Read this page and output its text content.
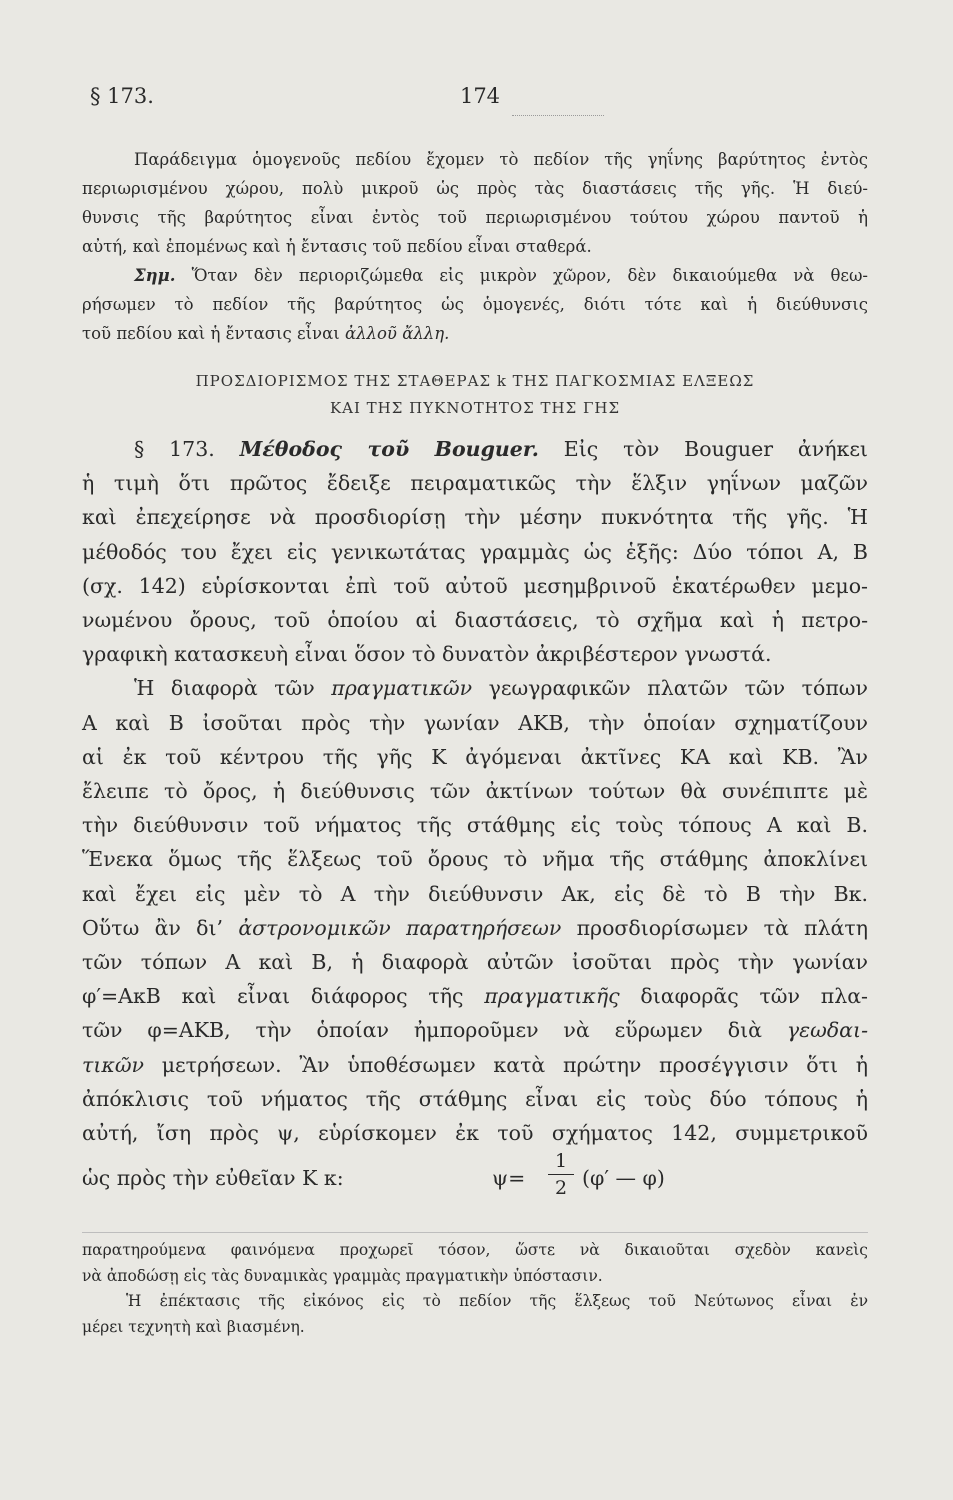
§ 173.	174

Παράδειγμα ὁμογενοῦς πεδίου ἔχομεν τὸ πεδίον τῆς γηΐνης βαρύτητος ἐντὸς

περιωρισμένου χώρου, πολὺ μικροῦ ὡς πρὸς τὰς διαστάσεις τῆς γῆς. Ἡ διεύ-

θυνσις τῆς βαρύτητος εἶναι ἐντὸς τοῦ περιωρισμένου τούτου χώρου παντοῦ ἡ

αὐτή, καὶ ἑπομένως καὶ ἡ ἔντασις τοῦ πεδίου εἶναι σταθερά.

Σημ. Ὅταν δὲν περιοριζώμεθα εἰς μικρὸν χῶρον, δὲν δικαιούμεθα νὰ θεω-

ρήσωμεν τὸ πεδίον τῆς βαρύτητος ὡς ὁμογενές, διότι τότε καὶ ἡ διεύθυνσις

τοῦ πεδίου καὶ ἡ ἔντασις εἶναι ἀλλοῦ ἄλλη.

ΠΡΟΣΔΙΟΡΙΣΜΟΣ ΤΗΣ ΣΤΑΘΕΡΑΣ k ΤΗΣ ΠΑΓΚΟΣΜΙΑΣ ΕΛΞΕΩΣ
ΚΑΙ ΤΗΣ ΠΥΚΝΟΤΗΤΟΣ ΤΗΣ ΓΗΣ

§ 173. Μέθοδος τοῦ Bouguer. Εἰς τὸν Bouguer ἀνήκει

ἡ τιμὴ ὅτι πρῶτος ἔδειξε πειραματικῶς τὴν ἕλξιν γηΐνων μαζῶν

καὶ ἐπεχείρησε νὰ προσδιορίσῃ τὴν μέσην πυκνότητα τῆς γῆς. Ἡ

μέθοδός του ἔχει εἰς γενικωτάτας γραμμὰς ὡς ἑξῆς: Δύο τόποι Α, Β

(σχ. 142) εὑρίσκονται ἐπὶ τοῦ αὐτοῦ μεσημβρινοῦ ἑκατέρωθεν μεμο-

νωμένου ὄρους, τοῦ ὁποίου αἱ διαστάσεις, τὸ σχῆμα καὶ ἡ πετρο-

γραφικὴ κατασκευὴ εἶναι ὅσον τὸ δυνατὸν ἀκριβέστερον γνωστά.

Ἡ διαφορὰ τῶν πραγματικῶν γεωγραφικῶν πλατῶν τῶν τόπων

Α καὶ Β ἰσοῦται πρὸς τὴν γωνίαν ΑΚΒ, τὴν ὁποίαν σχηματίζουν

αἱ ἐκ τοῦ κέντρου τῆς γῆς Κ ἀγόμεναι ἀκτῖνες ΚΑ καὶ ΚΒ. Ἂν

ἔλειπε τὸ ὄρος, ἡ διεύθυνσις τῶν ἀκτίνων τούτων θὰ συνέπιπτε μὲ

τὴν διεύθυνσιν τοῦ νήματος τῆς στάθμης εἰς τοὺς τόπους Α καὶ Β.

Ἕνεκα ὅμως τῆς ἕλξεως τοῦ ὄρους τὸ νῆμα τῆς στάθμης ἀποκλίνει

καὶ ἔχει εἰς μὲν τὸ Α τὴν διεύθυνσιν Ακ, εἰς δὲ τὸ Β τὴν Βκ.

Οὕτω ἂν δι’ ἀστρονομικῶν παρατηρήσεων προσδιορίσωμεν τὰ πλάτη

τῶν τόπων Α καὶ Β, ἡ διαφορὰ αὐτῶν ἰσοῦται πρὸς τὴν γωνίαν

φ′=ΑκΒ καὶ εἶναι διάφορος τῆς πραγματικῆς διαφορᾶς τῶν πλα-

τῶν φ=ΑΚΒ, τὴν ὁποίαν ἠμποροῦμεν νὰ εὕρωμεν διὰ γεωδαι-

τικῶν μετρήσεων. Ἂν ὑποθέσωμεν κατὰ πρώτην προσέγγισιν ὅτι ἡ

ἀπόκλισις τοῦ νήματος τῆς στάθμης εἶναι εἰς τοὺς δύο τόπους ἡ

αὐτή, ἴση πρὸς ψ, εὑρίσκομεν ἐκ τοῦ σχήματος 142, συμμετρικοῦ

ὡς πρὸς τὴν εὐθεῖαν Κ κ:	ψ=
1
2 (φ′ — φ)

παρατηρούμενα φαινόμενα προχωρεῖ τόσον, ὥστε νὰ δικαιοῦται σχεδὸν κανεὶς

νὰ ἀποδώσῃ εἰς τὰς δυναμικὰς γραμμὰς πραγματικὴν ὑπόστασιν.

Ἡ ἐπέκτασις τῆς εἰκόνος εἰς τὸ πεδίον τῆς ἕλξεως τοῦ Νεύτωνος εἶναι ἐν

μέρει τεχνητὴ καὶ βιασμένη.
